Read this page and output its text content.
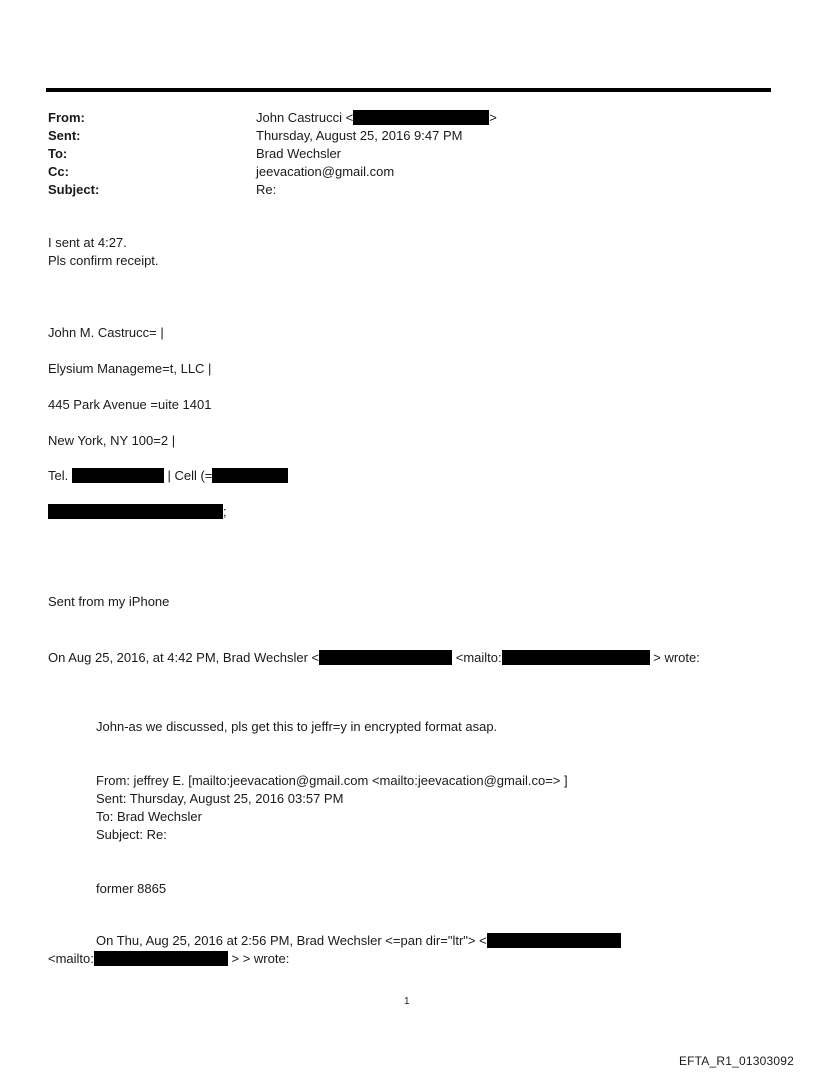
From:	John Castrucci <	>
Sent:	Thursday, August 25, 2016 9:47 PM
To:	Brad Wechsler
Cc:	jeevacation@gmail.com
Subject:	Re:
I sent at 4:27.
Pls confirm receipt.
John M. Castrucc= |
Elysium Manageme=t, LLC |
445 Park Avenue =uite 1401
New York, NY 100=2 |
Tel.	| Cell (=
;
Sent from my iPhone
On Aug 25, 2016, at 4:42 PM, Brad Wechsler <	<mailto:	> wrote:
John-as we discussed, pls get this to jeffr=y in encrypted format asap.
From: jeffrey E. [mailto:jeevacation@gmail.com <mailto:jeevacation@gmail.co=> ]
Sent: Thursday, August 25, 2016 03:57 PM
To: Brad Wechsler
Subject: Re:
former 8865
On Thu, Aug 25, 2016 at 2:56 PM, Brad Wechsler <=pan dir="ltr"> <
<mailto:	> > wrote:
1
EFTA_R1_01303092
